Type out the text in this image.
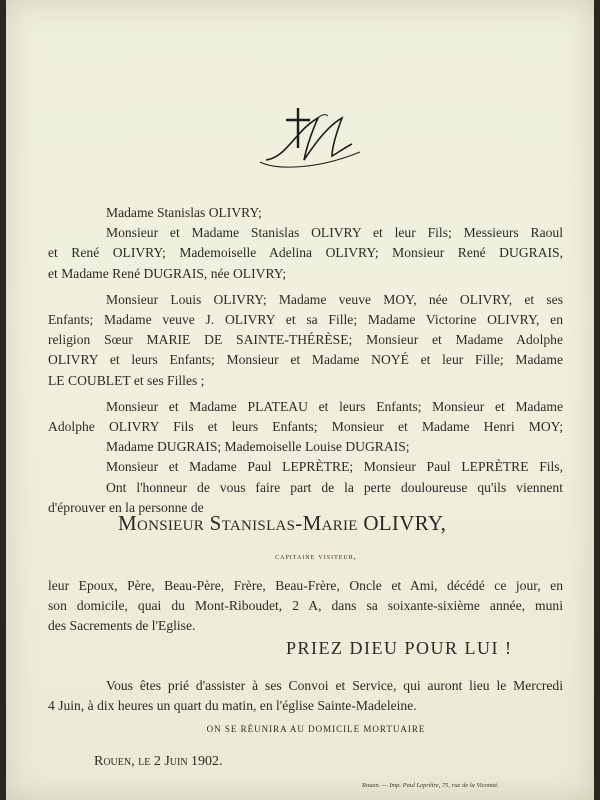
Madame Stanislas OLIVRY;
Monsieur et Madame Stanislas OLIVRY et leur Fils; Messieurs Raoul
et René OLIVRY; Mademoiselle Adelina OLIVRY; Monsieur René DUGRAIS,
et Madame René DUGRAIS, née OLIVRY;
Monsieur Louis OLIVRY; Madame veuve MOY, née OLIVRY, et ses
Enfants; Madame veuve J. OLIVRY et sa Fille; Madame Victorine OLIVRY, en
religion Sœur MARIE DE SAINTE-THÉRÈSE; Monsieur et Madame Adolphe
OLIVRY et leurs Enfants; Monsieur et Madame NOYÉ et leur Fille; Madame
LE COUBLET et ses Filles ;
Monsieur et Madame PLATEAU et leurs Enfants; Monsieur et Madame
Adolphe OLIVRY Fils et leurs Enfants; Monsieur et Madame Henri MOY;
Madame DUGRAIS; Mademoiselle Louise DUGRAIS;
Monsieur et Madame Paul LEPRÈTRE; Monsieur Paul LEPRÈTRE Fils,
Ont l'honneur de vous faire part de la perte douloureuse qu'ils viennent
d'éprouver en la personne de
Monsieur Stanislas-Marie OLIVRY,
capitaine visiteur,
leur Epoux, Père, Beau-Père, Frère, Beau-Frère, Oncle et Ami, décédé ce jour, en
son domicile, quai du Mont-Riboudet, 2 A, dans sa soixante-sixième année, muni
des Sacrements de l'Eglise.
PRIEZ DIEU POUR LUI !
Vous êtes prié d'assister à ses Convoi et Service, qui auront lieu le Mercredi
4 Juin, à dix heures un quart du matin, en l'église Sainte-Madeleine.
ON SE RÉUNIRA AU DOMICILE MORTUAIRE
Rouen, le 2 Juin 1902.
Rouen. — Imp. Paul Leprêtre, 75, rue de la Vicomté.
